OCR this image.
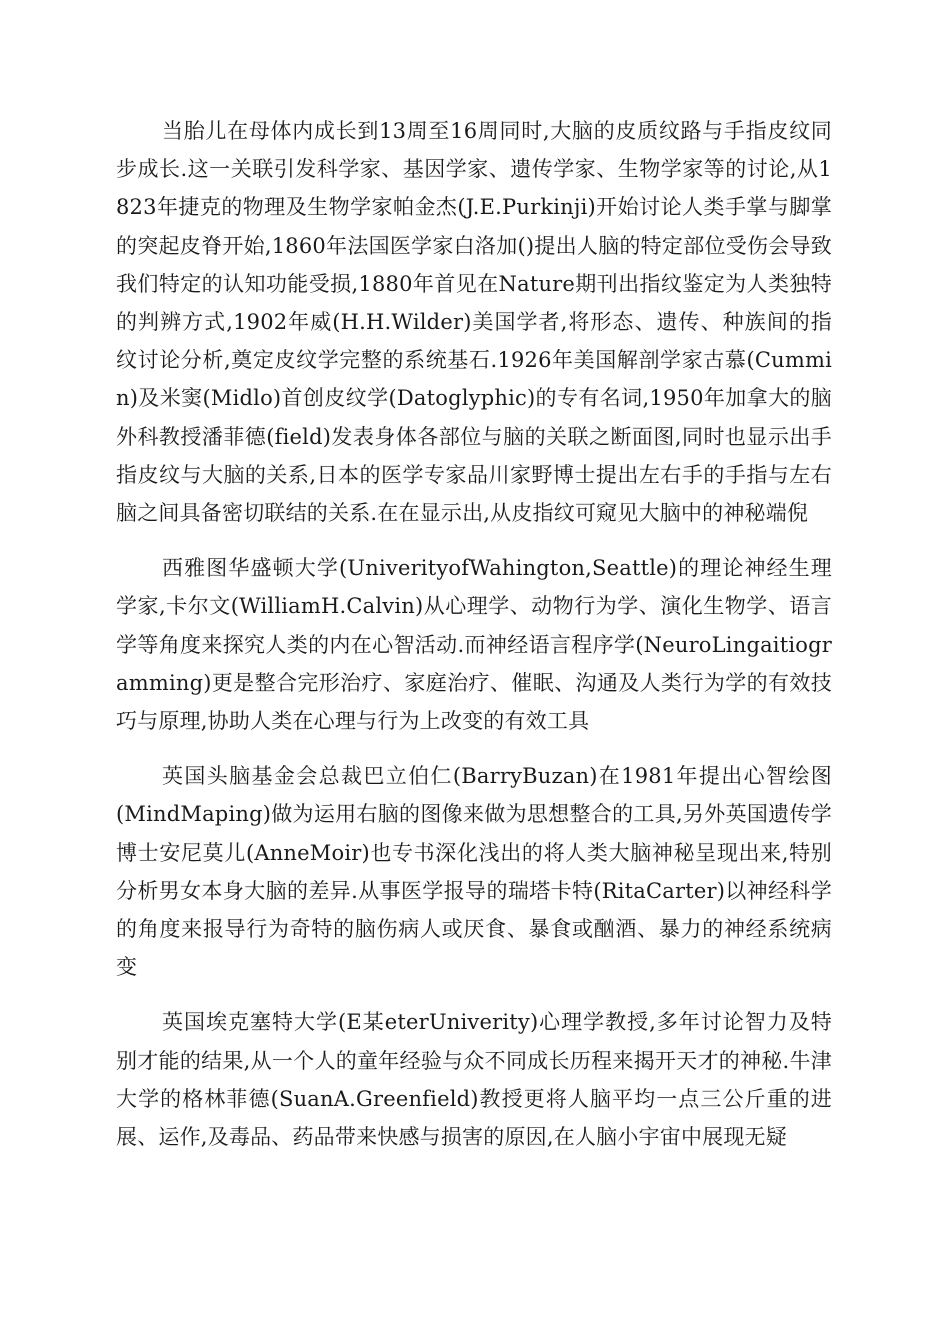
当胎儿在母体内成长到13周至16周同时,大脑的皮质纹路与手指皮纹同步成长.这一关联引发科学家、基因学家、遗传学家、生物学家等的讨论,从1823年捷克的物理及生物学家帕金杰(J.E.Purkinji)开始讨论人类手掌与脚掌的突起皮脊开始,1860年法国医学家白洛加()提出人脑的特定部位受伤会导致我们特定的认知功能受损,1880年首见在Nature期刊出指纹鉴定为人类独特的判辨方式,1902年威(H.H.Wilder)美国学者,将形态、遗传、种族间的指纹讨论分析,奠定皮纹学完整的系统基石.1926年美国解剖学家古慕(Cummin)及米窦(Midlo)首创皮纹学(Datoglyphic)的专有名词,1950年加拿大的脑外科教授潘菲德(field)发表身体各部位与脑的关联之断面图,同时也显示出手指皮纹与大脑的关系,日本的医学专家品川家野博士提出左右手的手指与左右脑之间具备密切联结的关系.在在显示出,从皮指纹可窥见大脑中的神秘端倪

西雅图华盛顿大学(UniverityofWahington,Seattle)的理论神经生理学家,卡尔文(WilliamH.Calvin)从心理学、动物行为学、演化生物学、语言学等角度来探究人类的内在心智活动.而神经语言程序学(NeuroLingaitiogramming)更是整合完形治疗、家庭治疗、催眠、沟通及人类行为学的有效技巧与原理,协助人类在心理与行为上改变的有效工具

英国头脑基金会总裁巴立伯仁(BarryBuzan)在1981年提出心智绘图(MindMaping)做为运用右脑的图像来做为思想整合的工具,另外英国遗传学博士安尼莫儿(AnneMoir)也专书深化浅出的将人类大脑神秘呈现出来,特别分析男女本身大脑的差异.从事医学报导的瑞塔卡特(RitaCarter)以神经科学的角度来报导行为奇特的脑伤病人或厌食、暴食或酗酒、暴力的神经系统病变

英国埃克塞特大学(E某eterUniverity)心理学教授,多年讨论智力及特别才能的结果,从一个人的童年经验与众不同成长历程来揭开天才的神秘.牛津大学的格林菲德(SuanA.Greenfield)教授更将人脑平均一点三公斤重的进展、运作,及毒品、药品带来快感与损害的原因,在人脑小宇宙中展现无疑
